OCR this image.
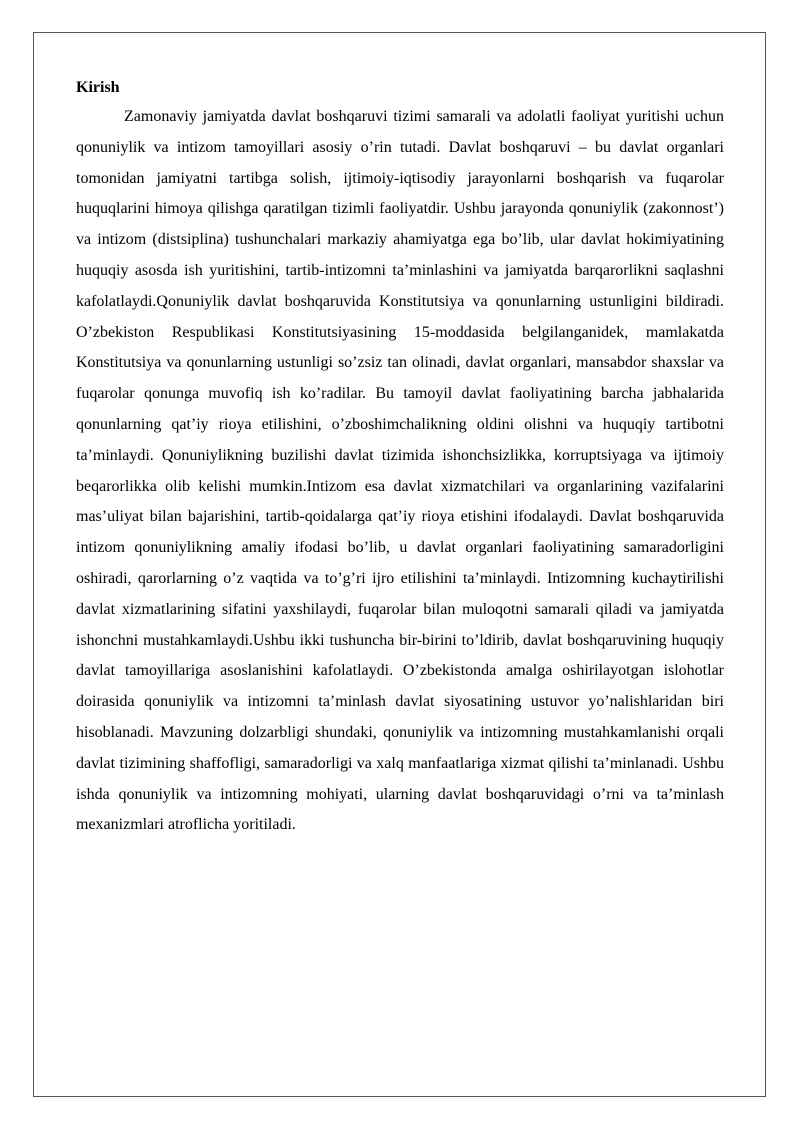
Kirish

Zamonaviy jamiyatda davlat boshqaruvi tizimi samarali va adolatli faoliyat yuritishi uchun qonuniylik va intizom tamoyillari asosiy o’rin tutadi. Davlat boshqaruvi – bu davlat organlari tomonidan jamiyatni tartibga solish, ijtimoiy-iqtisodiy jarayonlarni boshqarish va fuqarolar huquqlarini himoya qilishga qaratilgan tizimli faoliyatdir. Ushbu jarayonda qonuniylik (zakonnost’) va intizom (distsiplina) tushunchalari markaziy ahamiyatga ega bo’lib, ular davlat hokimiyatining huquqiy asosda ish yuritishini, tartib-intizomni ta’minlashini va jamiyatda barqarorlikni saqlashni kafolatlaydi.Qonuniylik davlat boshqaruvida Konstitutsiya va qonunlarning ustunligini bildiradi. O’zbekiston Respublikasi Konstitutsiyasining 15-moddasida belgilanganidek, mamlakatda Konstitutsiya va qonunlarning ustunligi so’zsiz tan olinadi, davlat organlari, mansabdor shaxslar va fuqarolar qonunga muvofiq ish ko’radilar. Bu tamoyil davlat faoliyatining barcha jabhalarida qonunlarning qat’iy rioya etilishini, o’zboshimchalikning oldini olishni va huquqiy tartibotni ta’minlaydi. Qonuniylikning buzilishi davlat tizimida ishonchsizlikka, korruptsiyaga va ijtimoiy beqarorlikka olib kelishi mumkin.Intizom esa davlat xizmatchilari va organlarining vazifalarini mas’uliyat bilan bajarishini, tartib-qoidalarga qat’iy rioya etishini ifodalaydi. Davlat boshqaruvida intizom qonuniylikning amaliy ifodasi bo’lib, u davlat organlari faoliyatining samaradorligini oshiradi, qarorlarning o’z vaqtida va to’g’ri ijro etilishini ta’minlaydi. Intizomning kuchaytirilishi davlat xizmatlarining sifatini yaxshilaydi, fuqarolar bilan muloqotni samarali qiladi va jamiyatda ishonchni mustahkamlaydi.Ushbu ikki tushuncha bir-birini to’ldirib, davlat boshqaruvining huquqiy davlat tamoyillariga asoslanishini kafolatlaydi. O’zbekistonda amalga oshirilayotgan islohotlar doirasida qonuniylik va intizomni ta’minlash davlat siyosatining ustuvor yo’nalishlaridan biri hisoblanadi. Mavzuning dolzarbligi shundaki, qonuniylik va intizomning mustahkamlanishi orqali davlat tizimining shaffofligi, samaradorligi va xalq manfaatlariga xizmat qilishi ta’minlanadi. Ushbu ishda qonuniylik va intizomning mohiyati, ularning davlat boshqaruvidagi o’rni va ta’minlash mexanizmlari atroflicha yoritiladi.
